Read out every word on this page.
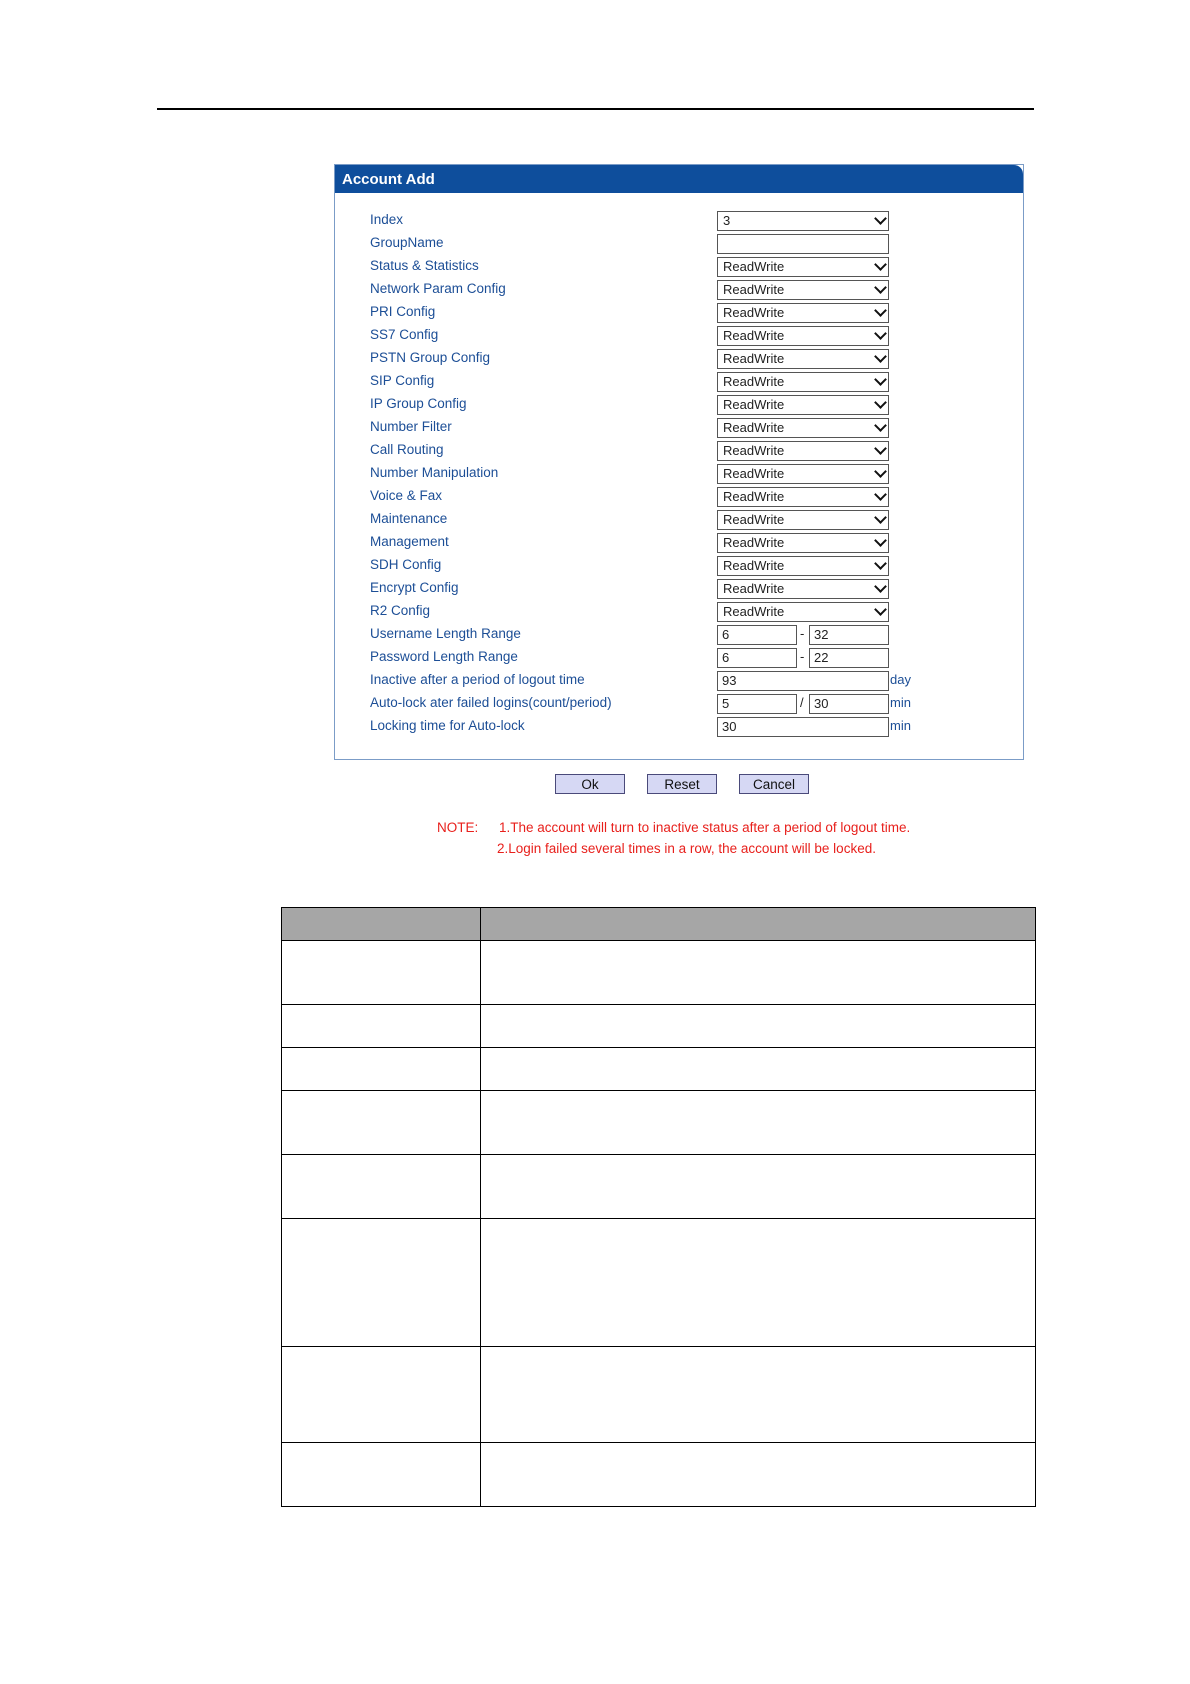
Account Add
Index	3
GroupName
Status & Statistics	ReadWrite
Network Param Config	ReadWrite
PRI Config	ReadWrite
SS7 Config	ReadWrite
PSTN Group Config	ReadWrite
SIP Config	ReadWrite
IP Group Config	ReadWrite
Number Filter	ReadWrite
Call Routing	ReadWrite
Number Manipulation	ReadWrite
Voice & Fax	ReadWrite
Maintenance	ReadWrite
Management	ReadWrite
SDH Config	ReadWrite
Encrypt Config	ReadWrite
R2 Config	ReadWrite
Username Length Range	6	- 32
Password Length Range	6	- 22
Inactive after a period of logout time	93	day
Auto-lock ater failed logins(count/period)	5	/ 30	min
Locking time for Auto-lock	30	min
Ok	Reset	Cancel
NOTE: 1.The account will turn to inactive status after a period of logout time.
2.Login failed several times in a row, the account will be locked.
